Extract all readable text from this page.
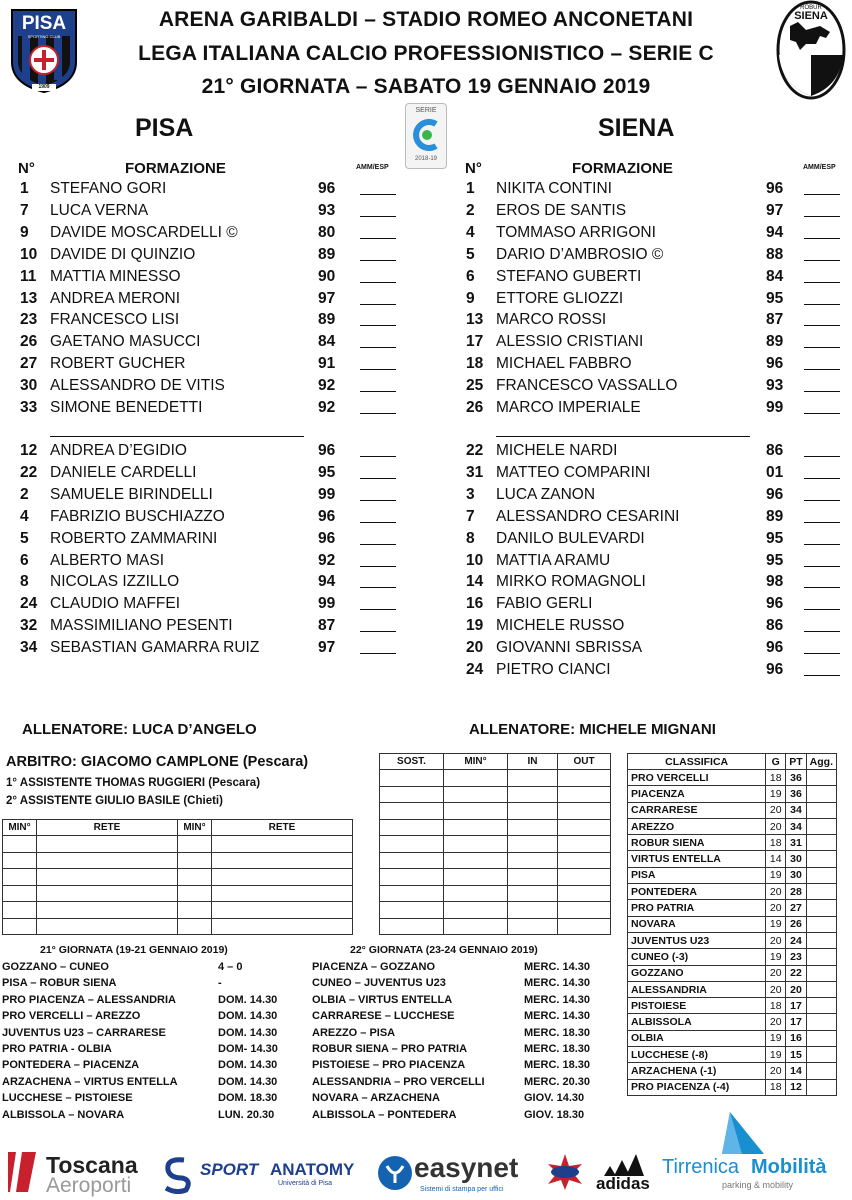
ARENA GARIBALDI – STADIO ROMEO ANCONETANI
LEGA ITALIANA CALCIO PROFESSIONISTICO – SERIE C
21° GIORNATA – SABATO 19 GENNAIO 2019
PISA
SPORTING CLUB
1909
ROBUR
SIENA
SERIE
2018-19
PISA	SIENA
N°	FORMAZIONE	AMM/ESP	N°	FORMAZIONE	AMM/ESP
1	STEFANO GORI	96
7	LUCA VERNA	93
9	DAVIDE MOSCARDELLI ©	80
10 DAVIDE DI QUINZIO	89
11 MATTIA MINESSO	90
13 ANDREA MERONI	97
23 FRANCESCO LISI	89
26 GAETANO MASUCCI	84
27 ROBERT GUCHER	91
30 ALESSANDRO DE VITIS	92
33 SIMONE BENEDETTI	92
12 ANDREA D’EGIDIO	96
22 DANIELE CARDELLI	95
2	SAMUELE BIRINDELLI	99
4	FABRIZIO BUSCHIAZZO	96
5	ROBERTO ZAMMARINI	96
6	ALBERTO MASI	92
8	NICOLAS IZZILLO	94
24 CLAUDIO MAFFEI	99
32 MASSIMILIANO PESENTI	87
34 SEBASTIAN GAMARRA RUIZ	97
1	NIKITA CONTINI	96
2	EROS DE SANTIS	97
4	TOMMASO ARRIGONI	94
5	DARIO D’AMBROSIO ©	88
6	STEFANO GUBERTI	84
9	ETTORE GLIOZZI	95
13 MARCO ROSSI	87
17 ALESSIO CRISTIANI	89
18 MICHAEL FABBRO	96
25 FRANCESCO VASSALLO	93
26 MARCO IMPERIALE	99
22 MICHELE NARDI	86
31 MATTEO COMPARINI	01
3	LUCA ZANON	96
7	ALESSANDRO CESARINI	89
8	DANILO BULEVARDI	95
10 MATTIA ARAMU	95
14 MIRKO ROMAGNOLI	98
16 FABIO GERLI	96
19 MICHELE RUSSO	86
20 GIOVANNI SBRISSA	96
24 PIETRO CIANCI	96
ALLENATORE: LUCA D’ANGELO	ALLENATORE: MICHELE MIGNANI
ARBITRO: GIACOMO CAMPLONE (Pescara)
1° ASSISTENTE THOMAS RUGGIERI (Pescara)
2° ASSISTENTE GIULIO BASILE (Chieti)
MIN°	RETE	MIN°	RETE

SOST.	MIN°	IN	OUT

				CLASSIFICA	G	PT	Agg.
PRO VERCELLI	18	36	
PIACENZA	19	36	
CARRARESE	20	34	
AREZZO	20	34	
ROBUR SIENA	18	31	
VIRTUS ENTELLA	14	30	
PISA	19	30	
PONTEDERA	20	28	
PRO PATRIA	20	27	
NOVARA	19	26	
JUVENTUS U23	20	24	
CUNEO (-3)	19	23	
GOZZANO	20	22	
ALESSANDRIA	20	20	
PISTOIESE	18	17	
ALBISSOLA	20	17	
OLBIA	19	16	
LUCCHESE (-8)	19	15	
ARZACHENA (-1)	20	14	
PRO PIACENZA (-4)	18	12	
21° GIORNATA (19-21 GENNAIO 2019)	22° GIORNATA (23-24 GENNAIO 2019)
GOZZANO – CUNEO	4 – 0
PISA – ROBUR SIENA	-
PRO PIACENZA – ALESSANDRIA	DOM. 14.30
PRO VERCELLI – AREZZO	DOM. 14.30
JUVENTUS U23 – CARRARESE	DOM. 14.30
PRO PATRIA - OLBIA	DOM- 14.30
PONTEDERA – PIACENZA	DOM. 14.30
ARZACHENA – VIRTUS ENTELLA	DOM. 14.30
LUCCHESE – PISTOIESE	DOM. 18.30
ALBISSOLA – NOVARA	LUN. 20.30
PIACENZA – GOZZANO	MERC. 14.30
CUNEO – JUVENTUS U23	MERC. 14.30
OLBIA – VIRTUS ENTELLA	MERC. 14.30
CARRARESE – LUCCHESE	MERC. 14.30
AREZZO – PISA	MERC. 18.30
ROBUR SIENA – PRO PATRIA	MERC. 18.30
PISTOIESE – PRO PIACENZA	MERC. 18.30
ALESSANDRIA – PRO VERCELLI	MERC. 20.30
NOVARA – ARZACHENA	GIOV. 14.30
ALBISSOLA – PONTEDERA	GIOV. 18.30
Toscana
Aeroporti
SPORT ANATOMY
Università di Pisa
easynet
Sistemi di stampa per uffici	adidas
Tirrenica Mobilità
parking & mobility
